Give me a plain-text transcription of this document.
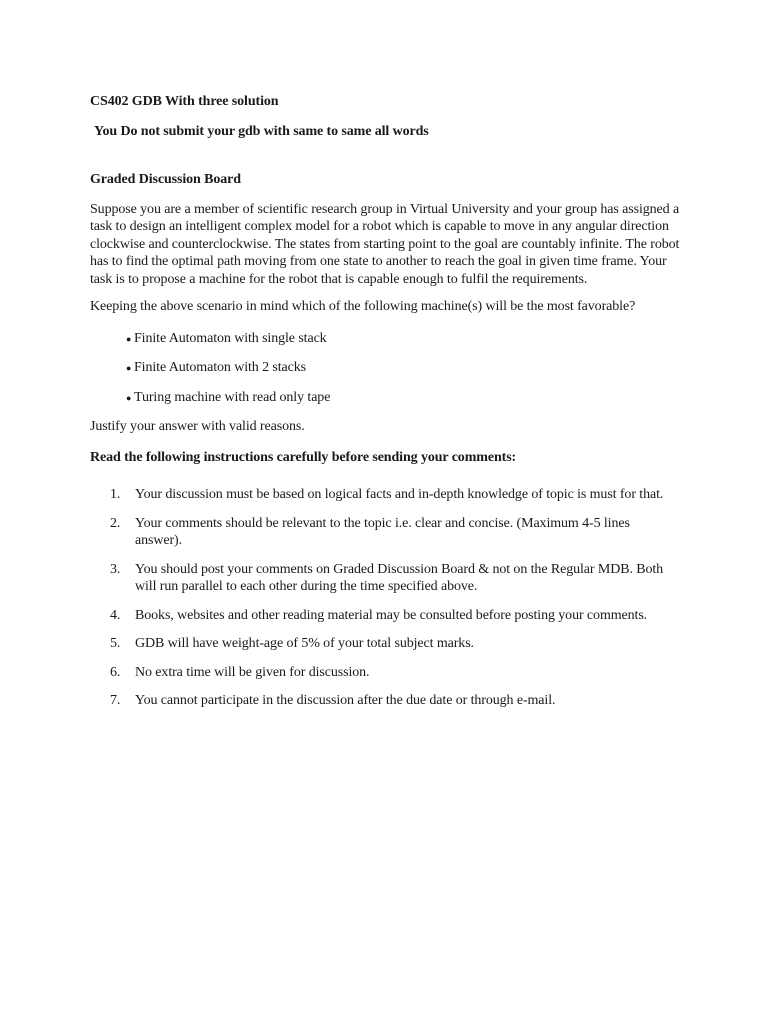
CS402 GDB With three solution

You Do not submit your gdb with same to same all words

Graded Discussion Board

Suppose you are a member of scientific research group in Virtual University and your group has assigned a task to design an intelligent complex model for a robot which is capable to move in any angular direction clockwise and counterclockwise. The states from starting point to the goal are countably infinite. The robot has to find the optimal path moving from one state to another to reach the goal in given time frame. Your task is to propose a machine for the robot that is capable enough to fulfil the requirements.

Keeping the above scenario in mind which of the following machine(s) will be the most favorable?

● Finite Automaton with single stack
● Finite Automaton with 2 stacks
● Turing machine with read only tape

Justify your answer with valid reasons.

Read the following instructions carefully before sending your comments:

1.	Your discussion must be based on logical facts and in-depth knowledge of topic is must for that.
2.	Your comments should be relevant to the topic i.e. clear and concise. (Maximum 4-5 lines answer).
3.	You should post your comments on Graded Discussion Board & not on the Regular MDB. Both will run parallel to each other during the time specified above.
4.	Books, websites and other reading material may be consulted before posting your comments.
5.	GDB will have weight-age of 5% of your total subject marks.
6.	No extra time will be given for discussion.
7.	You cannot participate in the discussion after the due date or through e-mail.
